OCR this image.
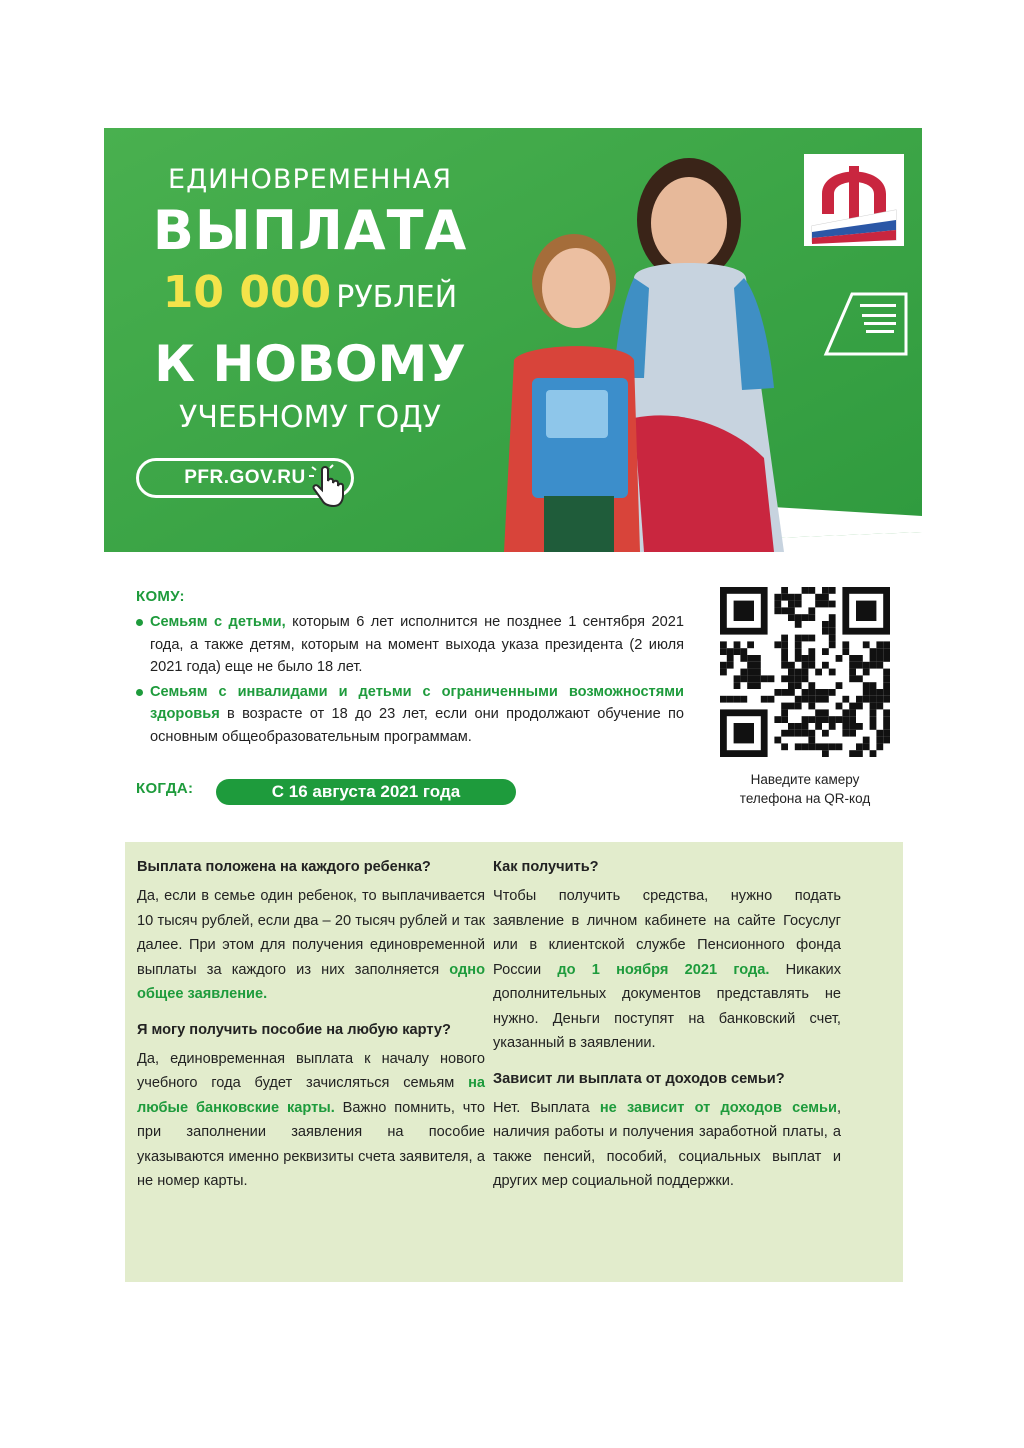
ЕДИНОВРЕМЕННАЯ
ВЫПЛАТА
10 000 РУБЛЕЙ
К НОВОМУ
УЧЕБНОМУ ГОДУ
PFR.GOV.RU
КОМУ:
Семьям с детьми, которым 6 лет исполнится не позднее 1 сентября 2021 года, а также детям, которым на момент выхода указа президента (2 июля 2021 года) еще не было 18 лет.
Семьям с инвалидами и детьми с ограниченными возможностями здоровья в возрасте от 18 до 23 лет, если они продолжают обучение по основным общеобразовательным программам.
КОГДА:	С 16 августа 2021 года
Наведите камеру
телефона на QR-код

Выплата положена на каждого ребенка?

Да, если в семье один ребенок, то выплачивается 10 тысяч рублей, если два – 20 тысяч рублей и так далее. При этом для получения единовременной выплаты за каждого из них заполняется одно общее заявление.

Я могу получить пособие на любую карту?

Да, единовременная выплата к началу нового учебного года будет зачисляться семьям на любые банковские карты. Важно помнить, что при заполнении заявления на пособие указываются именно реквизиты счета заявителя, а не номер карты.

Как получить?

Чтобы получить средства, нужно подать заявление в личном кабинете на сайте Госуслуг или в клиентской службе Пенсионного фонда России до 1 ноября 2021 года. Никаких дополнительных документов представлять не нужно. Деньги поступят на банковский счет, указанный в заявлении.

Зависит ли выплата от доходов семьи?

Нет. Выплата не зависит от доходов семьи, наличия работы и получения заработной платы, а также пенсий, пособий, социальных выплат и других мер социальной поддержки.
